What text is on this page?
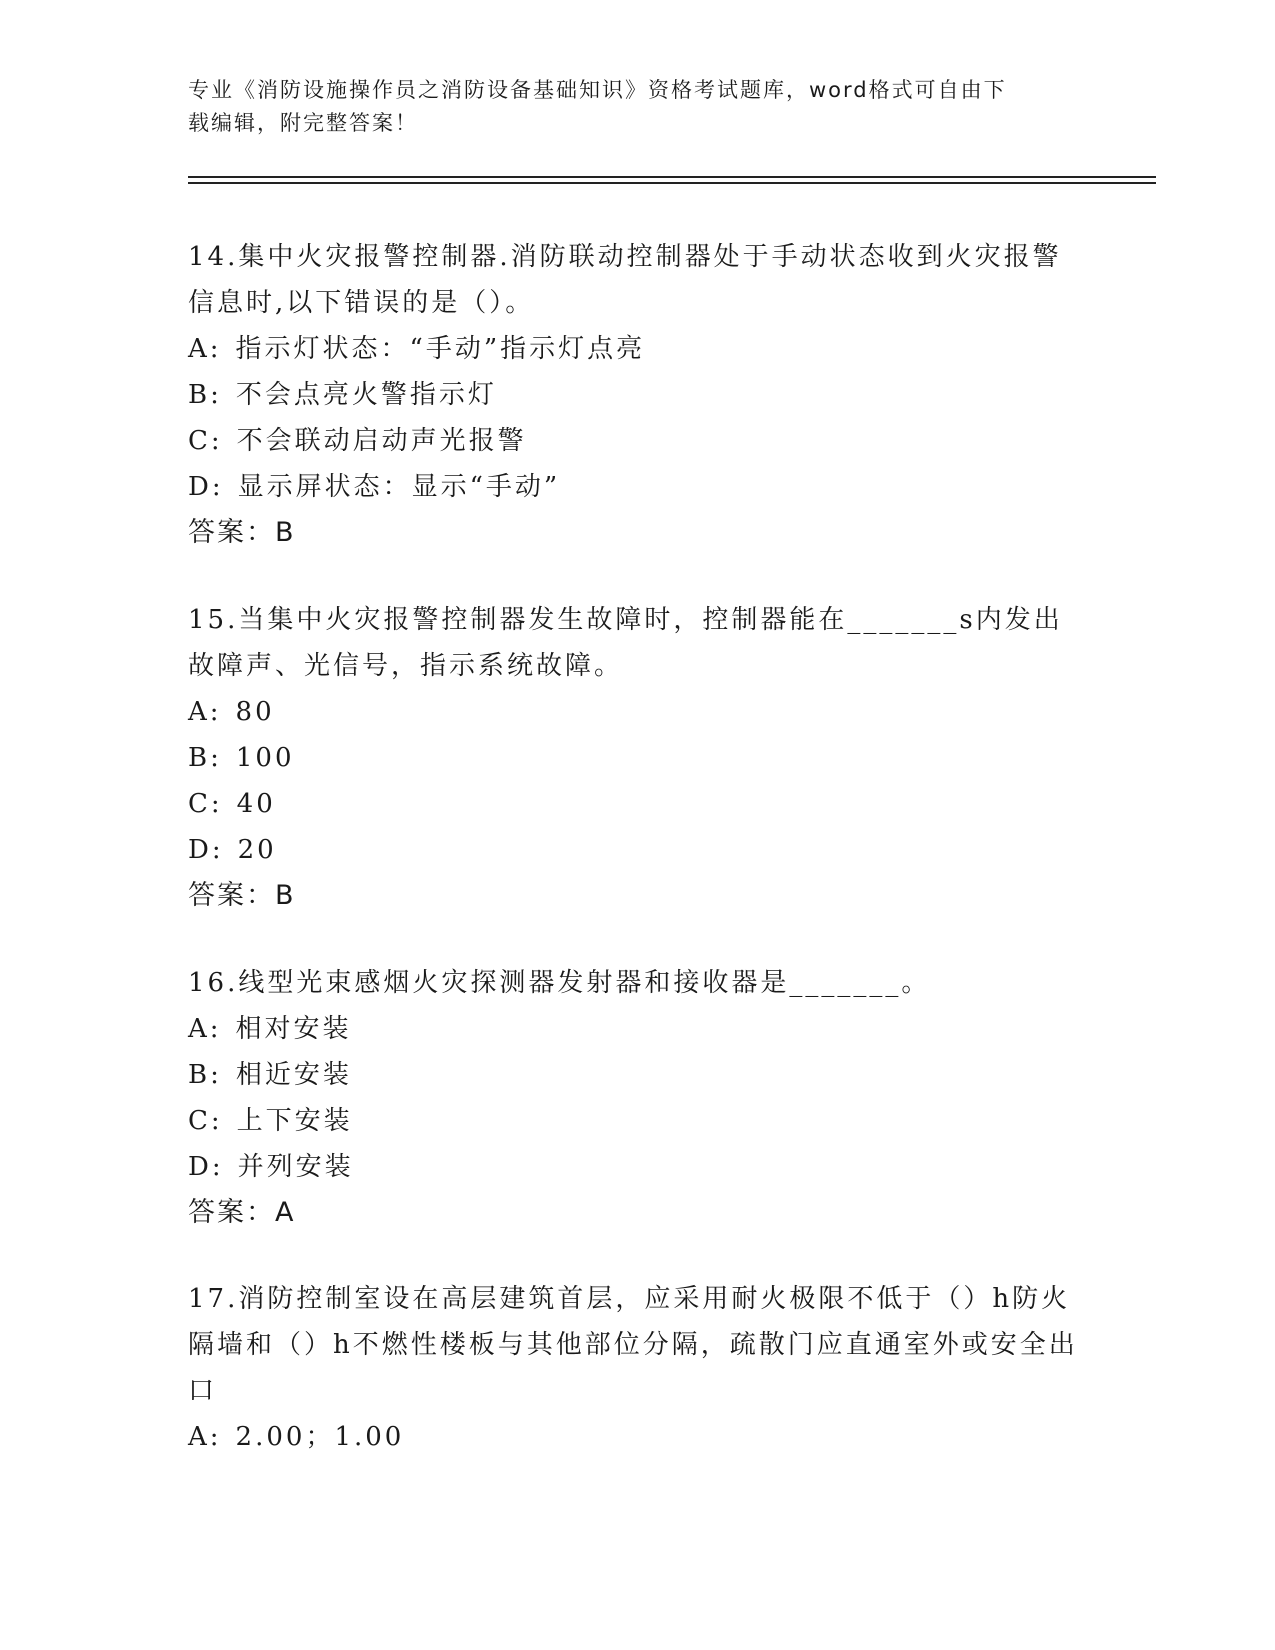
专业《消防设施操作员之消防设备基础知识》资格考试题库，word格式可自由下
载编辑，附完整答案！
14.集中火灾报警控制器.消防联动控制器处于手动状态收到火灾报警信息时,以下错误的是（）。
A: 指示灯状态：“手动”指示灯点亮
B: 不会点亮火警指示灯
C: 不会联动启动声光报警
D: 显示屏状态：显示“手动”
答案：B
15.当集中火灾报警控制器发生故障时，控制器能在_______s内发出故障声、光信号，指示系统故障。
A: 80
B: 100
C: 40
D: 20
答案：B
16.线型光束感烟火灾探测器发射器和接收器是_______。
A: 相对安装
B: 相近安装
C: 上下安装
D: 并列安装
答案：A
17.消防控制室设在高层建筑首层，应采用耐火极限不低于（）h防火隔墙和（）h不燃性楼板与其他部位分隔，疏散门应直通室外或安全出口
A: 2.00；1.00
